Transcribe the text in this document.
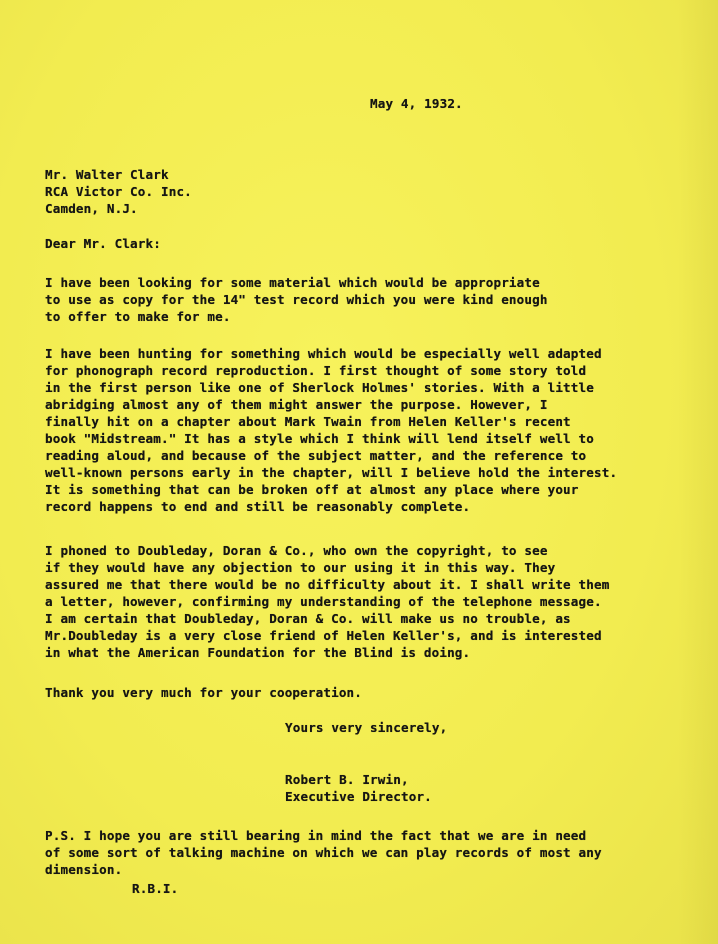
May 4, 1932.
Mr. Walter Clark
RCA Victor Co. Inc.
Camden, N.J.
Dear Mr. Clark:
I have been looking for some material which would be appropriate
to use as copy for the 14" test record which you were kind enough
to offer to make for me.
I have been hunting for something which would be especially well adapted
for phonograph record reproduction. I first thought of some story told
in the first person like one of Sherlock Holmes' stories. With a little
abridging almost any of them might answer the purpose. However, I
finally hit on a chapter about Mark Twain from Helen Keller's recent
book "Midstream." It has a style which I think will lend itself well to
reading aloud, and because of the subject matter, and the reference to
well-known persons early in the chapter, will I believe hold the interest.
It is something that can be broken off at almost any place where your
record happens to end and still be reasonably complete.
I phoned to Doubleday, Doran & Co., who own the copyright, to see
if they would have any objection to our using it in this way. They
assured me that there would be no difficulty about it. I shall write them
a letter, however, confirming my understanding of the telephone message.
I am certain that Doubleday, Doran & Co. will make us no trouble, as
Mr.Doubleday is a very close friend of Helen Keller's, and is interested
in what the American Foundation for the Blind is doing.
Thank you very much for your cooperation.
Yours very sincerely,
Robert B. Irwin,
Executive Director.
P.S. I hope you are still bearing in mind the fact that we are in need
of some sort of talking machine on which we can play records of most any
dimension.
R.B.I.
